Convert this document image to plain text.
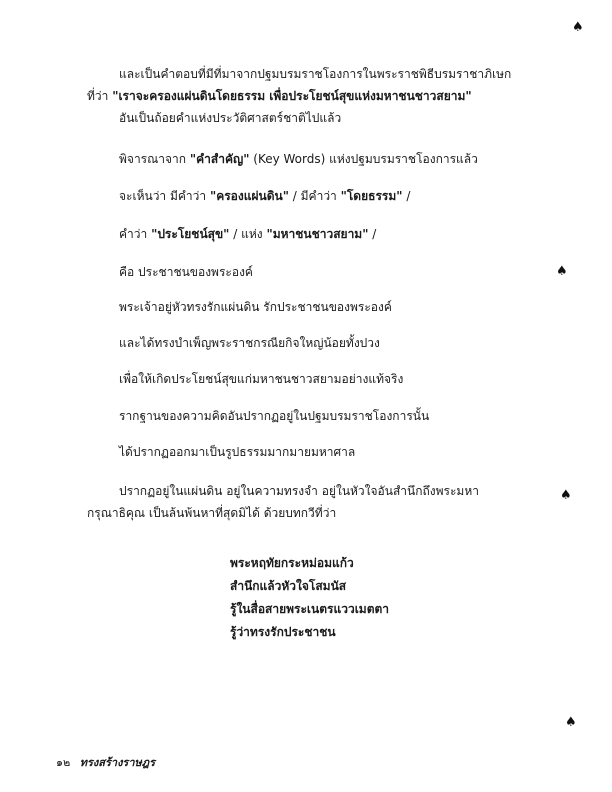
และเป็นคำตอบที่มีที่มาจากปฐมบรมราชโองการในพระราชพิธีบรมราชาภิเษก
ที่ว่า "เราจะครองแผ่นดินโดยธรรม เพื่อประโยชน์สุขแห่งมหาชนชาวสยาม"
อันเป็นถ้อยคำแห่งประวัติศาสตร์ชาติไปแล้ว
พิจารณาจาก "คำสำคัญ" (Key Words) แห่งปฐมบรมราชโองการแล้ว
จะเห็นว่า มีคำว่า "ครองแผ่นดิน" / มีคำว่า "โดยธรรม" /
คำว่า "ประโยชน์สุข" / แห่ง "มหาชนชาวสยาม" /
คือ ประชาชนของพระองค์
พระเจ้าอยู่หัวทรงรักแผ่นดิน รักประชาชนของพระองค์
และได้ทรงบำเพ็ญพระราชกรณียกิจใหญ่น้อยทั้งปวง
เพื่อให้เกิดประโยชน์สุขแก่มหาชนชาวสยามอย่างแท้จริง
รากฐานของความคิดอันปรากฏอยู่ในปฐมบรมราชโองการนั้น
ได้ปรากฏออกมาเป็นรูปธรรมมากมายมหาศาล
ปรากฏอยู่ในแผ่นดิน อยู่ในความทรงจำ อยู่ในหัวใจอันสำนึกถึงพระมหา
กรุณาธิคุณ เป็นล้นพ้นหาที่สุดมิได้ ด้วยบทกวีที่ว่า
พระหฤทัยกระหม่อมแก้ว
สำนึกแล้วหัวใจโสมนัส
รู้ในสื่อสายพระเนตรแววเมตตา
รู้ว่าทรงรักประชาชน
๑๒ ทรงสร้างราษฎร
♠
♠
♠
♠
